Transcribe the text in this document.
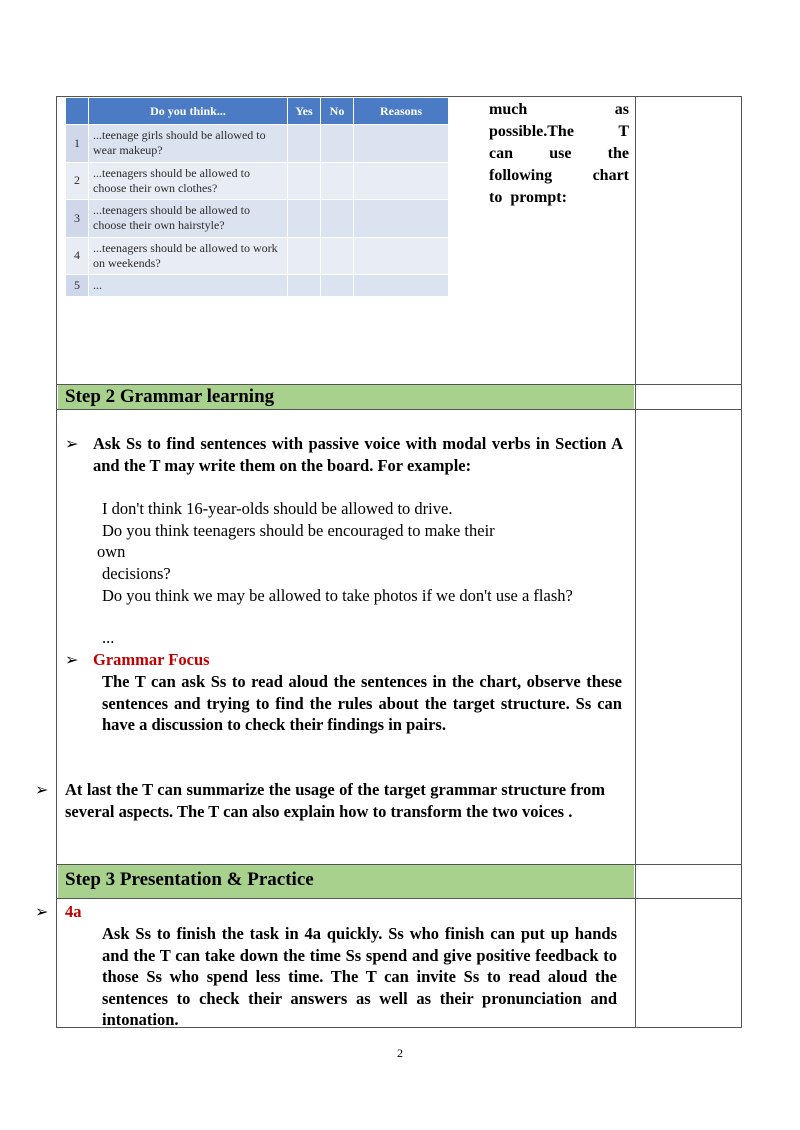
	Do you think...	Yes	No	Reasons
1	...teenage girls should be allowed to wear makeup?			
2	...teenagers should be allowed to choose their own clothes?			
3	...teenagers should be allowed to choose their own hairstyle?			
4	...teenagers should be allowed to work on weekends?			
5	...			
much	as
possible.The	T
can use the
following	chart
to prompt:
Step 2 Grammar learning
➢ Ask Ss to find sentences with passive voice with modal verbs in Section A and the T may write them on the board. For example:
I don't think 16-year-olds should be allowed to drive.
Do you think teenagers should be encouraged to make their
own
decisions?
Do you think we may be allowed to take photos if we don't use a flash?
...
➢ Grammar Focus
The T can ask Ss to read aloud the sentences in the chart, observe these sentences and trying to find the rules about the target structure. Ss can have a discussion to check their findings in pairs.
➢ At last the T can summarize the usage of the target grammar structure from several aspects. The T can also explain how to transform the two voices .
Step 3 Presentation & Practice
➢ 4a
Ask Ss to finish the task in 4a quickly. Ss who finish can put up hands and the T can take down the time Ss spend and give positive feedback to those Ss who spend less time. The T can invite Ss to read aloud the sentences to check their answers as well as their pronunciation and intonation.
2
